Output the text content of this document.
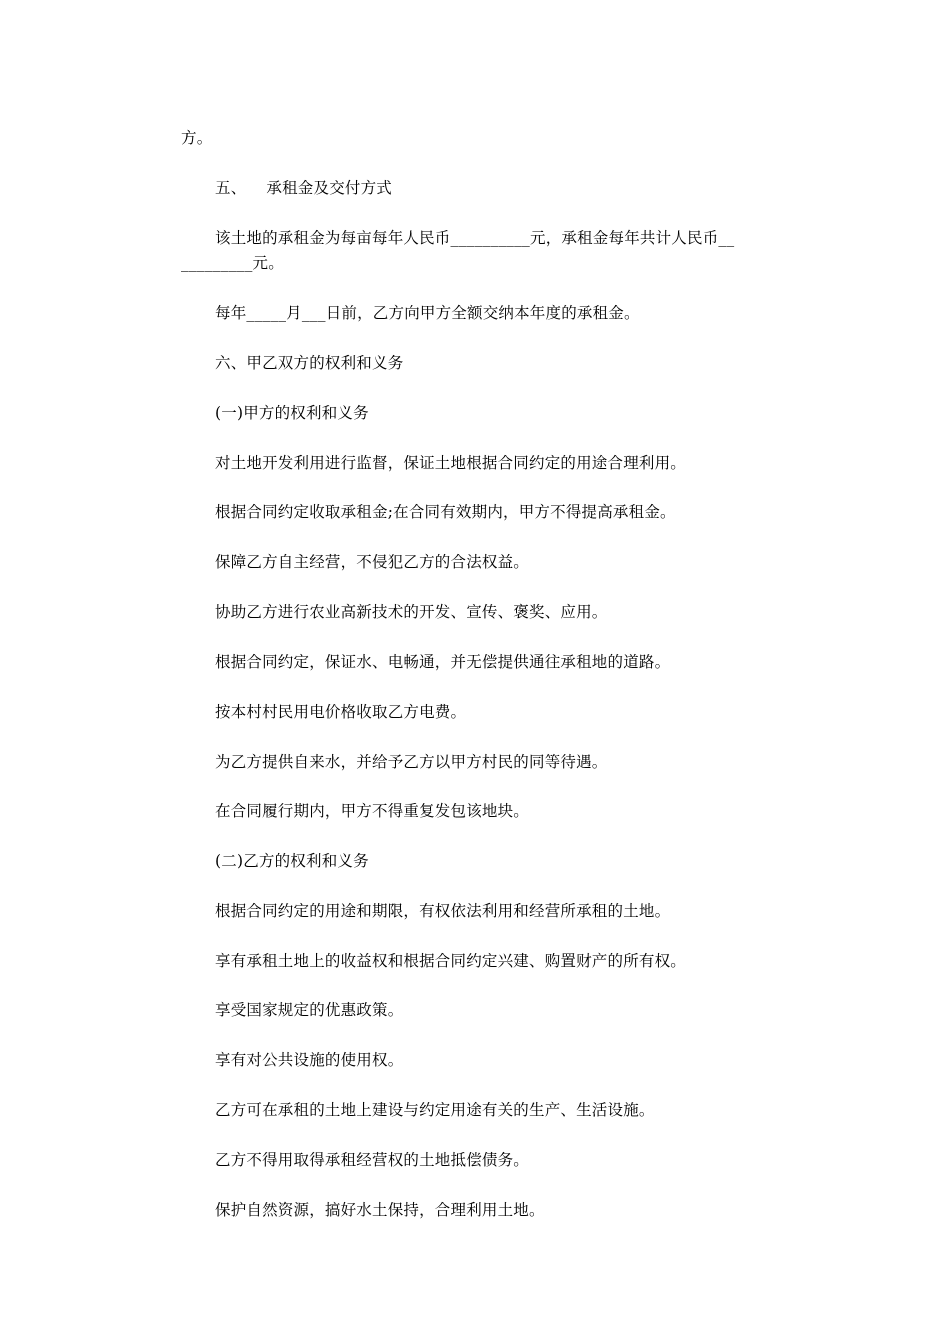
方。
五、 承租金及交付方式
该土地的承租金为每亩每年人民币__________元，承租金每年共计人民币__
_________元。
每年_____月___日前，乙方向甲方全额交纳本年度的承租金。
六、甲乙双方的权利和义务
(一)甲方的权利和义务
对土地开发利用进行监督，保证土地根据合同约定的用途合理利用。
根据合同约定收取承租金;在合同有效期内，甲方不得提高承租金。
保障乙方自主经营，不侵犯乙方的合法权益。
协助乙方进行农业高新技术的开发、宣传、褒奖、应用。
根据合同约定，保证水、电畅通，并无偿提供通往承租地的道路。
按本村村民用电价格收取乙方电费。
为乙方提供自来水，并给予乙方以甲方村民的同等待遇。
在合同履行期内，甲方不得重复发包该地块。
(二)乙方的权利和义务
根据合同约定的用途和期限，有权依法利用和经营所承租的土地。
享有承租土地上的收益权和根据合同约定兴建、购置财产的所有权。
享受国家规定的优惠政策。
享有对公共设施的使用权。
乙方可在承租的土地上建设与约定用途有关的生产、生活设施。
乙方不得用取得承租经营权的土地抵偿债务。
保护自然资源，搞好水土保持，合理利用土地。
